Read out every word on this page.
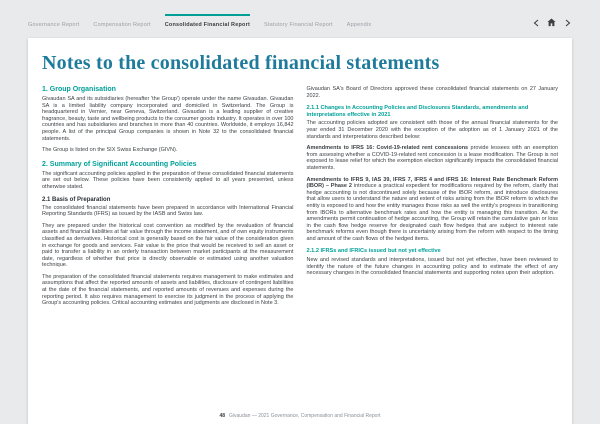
Governance Report	Compensation Report	Consolidated Financial Report	Statutory Financial Report	Appendix
Notes to the consolidated financial statements
1. Group Organisation

Givaudan SA and its subsidiaries (hereafter 'the Group') operate under the name Givaudan. Givaudan SA is a limited liability company incorporated and domiciled in Switzerland. The Group is headquartered in Vernier, near Geneva, Switzerland. Givaudan is a leading supplier of creative fragrance, beauty, taste and wellbeing products to the consumer goods industry. It operates in over 100 countries and has subsidiaries and branches in more than 40 countries. Worldwide, it employs 16,842 people. A list of the principal Group companies is shown in Note 32 to the consolidated financial statements.

The Group is listed on the SIX Swiss Exchange (GIVN).

2. Summary of Significant Accounting Policies

The significant accounting policies applied in the preparation of these consolidated financial statements are set out below. These policies have been consistently applied to all years presented, unless otherwise stated.

2.1 Basis of Preparation

The consolidated financial statements have been prepared in accordance with International Financial Reporting Standards (IFRS) as issued by the IASB and Swiss law.

They are prepared under the historical cost convention as modified by the revaluation of financial assets and financial liabilities at fair value through the income statement, and of own equity instruments classified as derivatives. Historical cost is generally based on the fair value of the consideration given in exchange for goods and services. Fair value is the price that would be received to sell an asset or paid to transfer a liability in an orderly transaction between market participants at the measurement date, regardless of whether that price is directly observable or estimated using another valuation technique.

The preparation of the consolidated financial statements requires management to make estimates and assumptions that affect the reported amounts of assets and liabilities, disclosure of contingent liabilities at the date of the financial statements, and reported amounts of revenues and expenses during the reporting period. It also requires management to exercise its judgment in the process of applying the Group's accounting policies. Critical accounting estimates and judgments are disclosed in Note 3.

Givaudan SA's Board of Directors approved these consolidated financial statements on 27 January 2022.

2.1.1 Changes in Accounting Policies and Disclosures Standards, amendments and interpretations effective in 2021

The accounting policies adopted are consistent with those of the annual financial statements for the year ended 31 December 2020 with the exception of the adoption as of 1 January 2021 of the standards and interpretations described below:

Amendments to IFRS 16: Covid-19-related rent concessions provide lessees with an exemption from assessing whether a COVID-19-related rent concession is a lease modification. The Group is not exposed to lease relief for which the exemption election significantly impacts the consolidated financial statements.

Amendments to IFRS 9, IAS 39, IFRS 7, IFRS 4 and IFRS 16: Interest Rate Benchmark Reform (IBOR) – Phase 2 introduce a practical expedient for modifications required by the reform, clarify that hedge accounting is not discontinued solely because of the IBOR reform, and introduce disclosures that allow users to understand the nature and extent of risks arising from the IBOR reform to which the entity is exposed to and how the entity manages those risks as well the entity's progress in transitioning from IBORs to alternative benchmark rates and how the entity is managing this transition. As the amendments permit continuation of hedge accounting, the Group will retain the cumulative gain or loss in the cash flow hedge reserve for designated cash flow hedges that are subject to interest rate benchmark reforms even though there is uncertainty arising from the reform with respect to the timing and amount of the cash flows of the hedged items.

2.1.2 IFRSs and IFRICs issued but not yet effective

New and revised standards and interpretations, issued but not yet effective, have been reviewed to identify the nature of the future changes in accounting policy and to estimate the effect of any necessary changes in the consolidated financial statements and supporting notes upon their adoption.

48 Givaudan — 2021 Governance, Compensation and Financial Report
